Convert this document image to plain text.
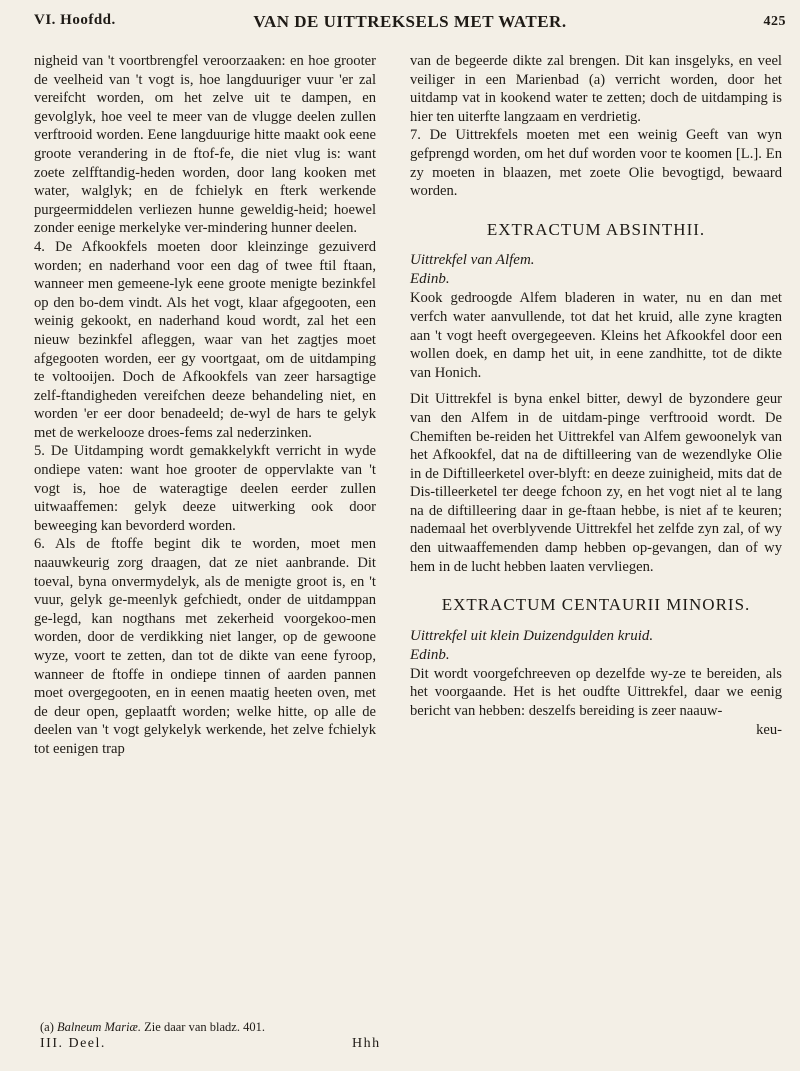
VI. Hoofdd.	VAN DE UITTREKSELS MET WATER.	425

nigheid van 't voortbrengfel veroorzaaken: en hoe grooter de veelheid van 't vogt is, hoe langduuriger vuur 'er zal vereifcht worden, om het zelve uit te dampen, en gevolglyk, hoe veel te meer van de vlugge deelen zullen verftrooid worden. Eene langduurige hitte maakt ook eene groote verandering in de ftof-fe, die niet vlug is: want zoete zelfftandig-heden worden, door lang kooken met water, walglyk; en de fchielyk en fterk werkende purgeermiddelen verliezen hunne geweldig-heid; hoewel zonder eenige merkelyke ver-mindering hunner deelen.

4. De Afkookfels moeten door kleinzinge gezuiverd worden; en naderhand voor een dag of twee ftil ftaan, wanneer men gemeene-lyk eene groote menigte bezinkfel op den bo-dem vindt. Als het vogt, klaar afgegooten, een weinig gekookt, en naderhand koud wordt, zal het een nieuw bezinkfel afleggen, waar van het zagtjes moet afgegooten worden, eer gy voortgaat, om de uitdamping te voltooijen. Doch de Afkookfels van zeer harsagtige zelf-ftandigheden vereifchen deeze behandeling niet, en worden 'er eer door benadeeld; de-wyl de hars te gelyk met de werkelooze droes-fems zal nederzinken.

5. De Uitdamping wordt gemakkelykft verricht in wyde ondiepe vaten: want hoe grooter de oppervlakte van 't vogt is, hoe de wateragtige deelen eerder zullen uitwaaffemen: gelyk deeze uitwerking ook door beweeging kan bevorderd worden.

6. Als de ftoffe begint dik te worden, moet men naauwkeurig zorg draagen, dat ze niet aanbrande. Dit toeval, byna onvermydelyk, als de menigte groot is, en 't vuur, gelyk ge-meenlyk gefchiedt, onder de uitdamppan ge-legd, kan nogthans met zekerheid voorgekoo-men worden, door de verdikking niet langer, op de gewoone wyze, voort te zetten, dan tot de dikte van eene fyroop, wanneer de ftoffe in ondiepe tinnen of aarden pannen moet overgegooten, en in eenen maatig heeten oven, met de deur open, geplaatft worden; welke hitte, op alle de deelen van 't vogt gelykelyk werkende, het zelve fchielyk tot eenigen trap

van de begeerde dikte zal brengen. Dit kan insgelyks, en veel veiliger in een Marienbad (a) verricht worden, door het uitdamp vat in kookend water te zetten; doch de uitdamping is hier ten uiterfte langzaam en verdrietig.

7. De Uittrekfels moeten met een weinig Geeft van wyn gefprengd worden, om het duf worden voor te koomen [L.]. En zy moeten in blaazen, met zoete Olie bevogtigd, bewaard worden.

EXTRACTUM ABSINTHII.

Uittrekfel van Alfem.

Edinb.

Kook gedroogde Alfem bladeren in water, nu en dan met verfch water aanvullende, tot dat het kruid, alle zyne kragten aan 't vogt heeft overgegeeven. Kleins het Afkookfel door een wollen doek, en damp het uit, in eene zandhitte, tot de dikte van Honich.

Dit Uittrekfel is byna enkel bitter, dewyl de byzondere geur van den Alfem in de uitdam-pinge verftrooid wordt. De Chemiften be-reiden het Uittrekfel van Alfem gewoonelyk van het Afkookfel, dat na de diftilleering van de wezendlyke Olie in de Diftilleerketel over-blyft: en deeze zuinigheid, mits dat de Dis-tilleerketel ter deege fchoon zy, en het vogt niet al te lang na de diftilleering daar in ge-ftaan hebbe, is niet af te keuren; nademaal het overblyvende Uittrekfel het zelfde zyn zal, of wy den uitwaaffemenden damp hebben op-gevangen, dan of wy hem in de lucht hebben laaten vervliegen.

EXTRACTUM CENTAURII MINORIS.

Uittrekfel uit klein Duizendgulden kruid.

Edinb.

Dit wordt voorgefchreeven op dezelfde wy-ze te bereiden, als het voorgaande. Het is het oudfte Uittrekfel, daar we eenig bericht van hebben: deszelfs bereiding is zeer naauw-

keu-

(a) Balneum Mariæ. Zie daar van bladz. 401.
III. Deel.	Hhh
